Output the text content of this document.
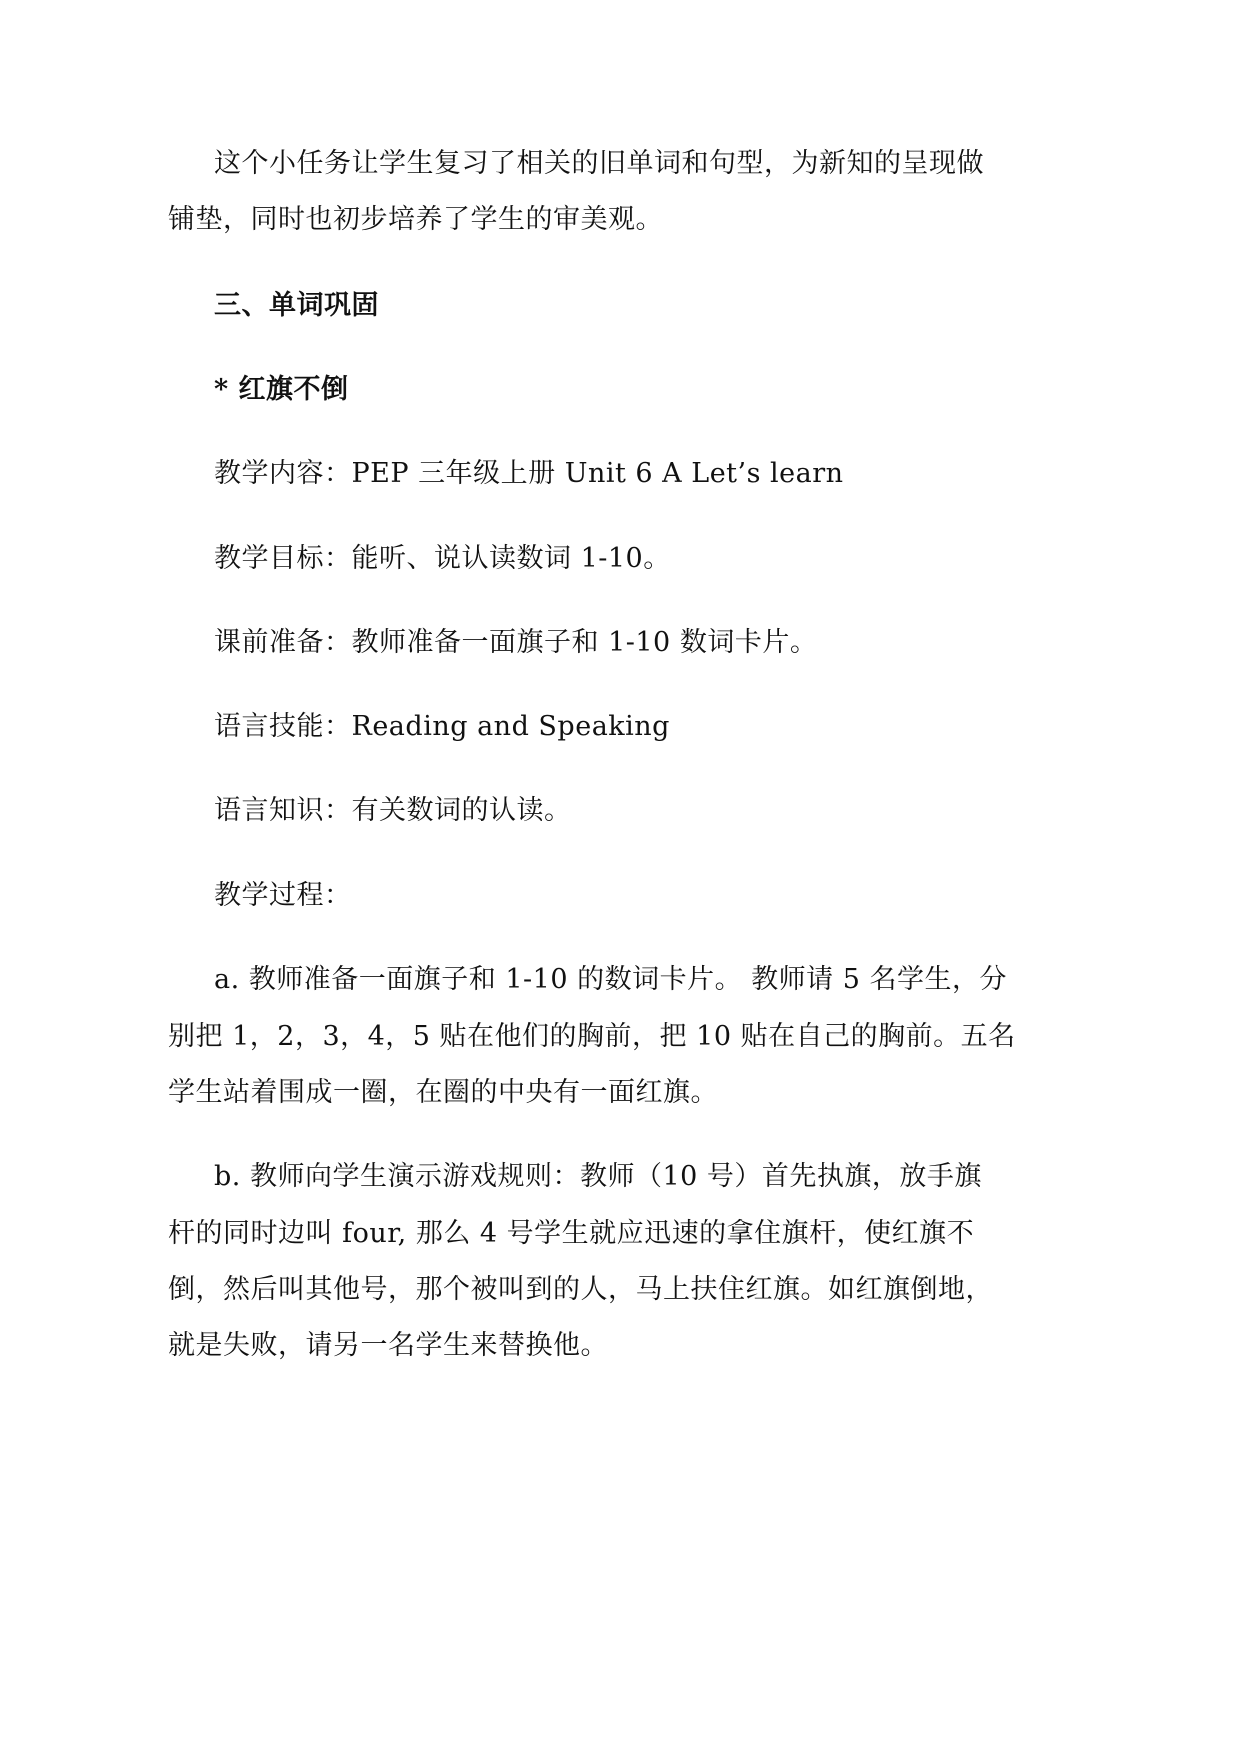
这个小任务让学生复习了相关的旧单词和句型，为新知的呈现做
铺垫，同时也初步培养了学生的审美观。
三、单词巩固
* 红旗不倒
教学内容：PEP 三年级上册 Unit 6 A Let’s learn
教学目标：能听、说认读数词 1-10。
课前准备：教师准备一面旗子和 1-10 数词卡片。
语言技能：Reading and Speaking
语言知识：有关数词的认读。
教学过程：
a. 教师准备一面旗子和 1-10 的数词卡片。 教师请 5 名学生，分
别把 1，2，3，4，5 贴在他们的胸前，把 10 贴在自己的胸前。五名
学生站着围成一圈，在圈的中央有一面红旗。
b. 教师向学生演示游戏规则：教师（10 号）首先执旗，放手旗
杆的同时边叫 four, 那么 4 号学生就应迅速的拿住旗杆，使红旗不
倒，然后叫其他号，那个被叫到的人，马上扶住红旗。如红旗倒地，
就是失败，请另一名学生来替换他。
